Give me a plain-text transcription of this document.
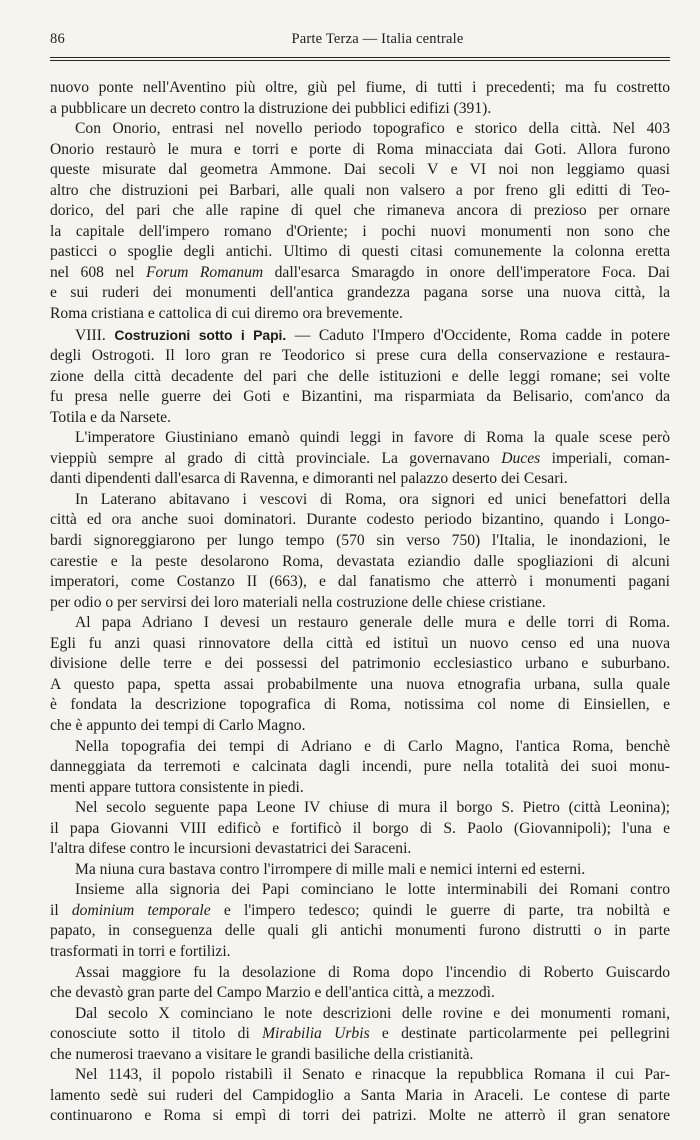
86	Parte Terza — Italia centrale
nuovo ponte nell'Aventino più oltre, giù pel fiume, di tutti i precedenti; ma fu costretto
a pubblicare un decreto contro la distruzione dei pubblici edifizi (391).
Con Onorio, entrasi nel novello periodo topografico e storico della città. Nel 403
Onorio restaurò le mura e torri e porte di Roma minacciata dai Goti. Allora furono
queste misurate dal geometra Ammone. Dai secoli V e VI noi non leggiamo quasi
altro che distruzioni pei Barbari, alle quali non valsero a por freno gli editti di Teo-
dorico, del pari che alle rapine di quel che rimaneva ancora di prezioso per ornare
la capitale dell'impero romano d'Oriente; i pochi nuovi monumenti non sono che
pasticci o spoglie degli antichi. Ultimo di questi citasi comunemente la colonna eretta
nel 608 nel Forum Romanum dall'esarca Smaragdo in onore dell'imperatore Foca. Dai
e sui ruderi dei monumenti dell'antica grandezza pagana sorse una nuova città, la
Roma cristiana e cattolica di cui diremo ora brevemente.
VIII. Costruzioni sotto i Papi. — Caduto l'Impero d'Occidente, Roma cadde in potere
degli Ostrogoti. Il loro gran re Teodorico si prese cura della conservazione e restaura-
zione della città decadente del pari che delle istituzioni e delle leggi romane; sei volte
fu presa nelle guerre dei Goti e Bizantini, ma risparmiata da Belisario, com'anco da
Totila e da Narsete.
L'imperatore Giustiniano emanò quindi leggi in favore di Roma la quale scese però
vieppiù sempre al grado di città provinciale. La governavano Duces imperiali, coman-
danti dipendenti dall'esarca di Ravenna, e dimoranti nel palazzo deserto dei Cesari.
In Laterano abitavano i vescovi di Roma, ora signori ed unici benefattori della
città ed ora anche suoi dominatori. Durante codesto periodo bizantino, quando i Longo-
bardi signoreggiarono per lungo tempo (570 sin verso 750) l'Italia, le inondazioni, le
carestie e la peste desolarono Roma, devastata eziandio dalle spogliazioni di alcuni
imperatori, come Costanzo II (663), e dal fanatismo che atterrò i monumenti pagani
per odio o per servirsi dei loro materiali nella costruzione delle chiese cristiane.
Al papa Adriano I devesi un restauro generale delle mura e delle torri di Roma.
Egli fu anzi quasi rinnovatore della città ed istituì un nuovo censo ed una nuova
divisione delle terre e dei possessi del patrimonio ecclesiastico urbano e suburbano.
A questo papa, spetta assai probabilmente una nuova etnografia urbana, sulla quale
è fondata la descrizione topografica di Roma, notissima col nome di Einsiellen, e
che è appunto dei tempi di Carlo Magno.
Nella topografia dei tempi di Adriano e di Carlo Magno, l'antica Roma, benchè
danneggiata da terremoti e calcinata dagli incendi, pure nella totalità dei suoi monu-
menti appare tuttora consistente in piedi.
Nel secolo seguente papa Leone IV chiuse di mura il borgo S. Pietro (città Leonina);
il papa Giovanni VIII edificò e fortificò il borgo di S. Paolo (Giovannipoli); l'una e
l'altra difese contro le incursioni devastatrici dei Saraceni.
Ma niuna cura bastava contro l'irrompere di mille mali e nemici interni ed esterni.
Insieme alla signoria dei Papi cominciano le lotte interminabili dei Romani contro
il dominium temporale e l'impero tedesco; quindi le guerre di parte, tra nobiltà e
papato, in conseguenza delle quali gli antichi monumenti furono distrutti o in parte
trasformati in torri e fortilizi.
Assai maggiore fu la desolazione di Roma dopo l'incendio di Roberto Guiscardo
che devastò gran parte del Campo Marzio e dell'antica città, a mezzodì.
Dal secolo X cominciano le note descrizioni delle rovine e dei monumenti romani,
conosciute sotto il titolo di Mirabilia Urbis e destinate particolarmente pei pellegrini
che numerosi traevano a visitare le grandi basiliche della cristianità.
Nel 1143, il popolo ristabilì il Senato e rinacque la repubblica Romana il cui Par-
lamento sedè sui ruderi del Campidoglio a Santa Maria in Araceli. Le contese di parte
continuarono e Roma si empì di torri dei patrizi. Molte ne atterrò il gran senatore
